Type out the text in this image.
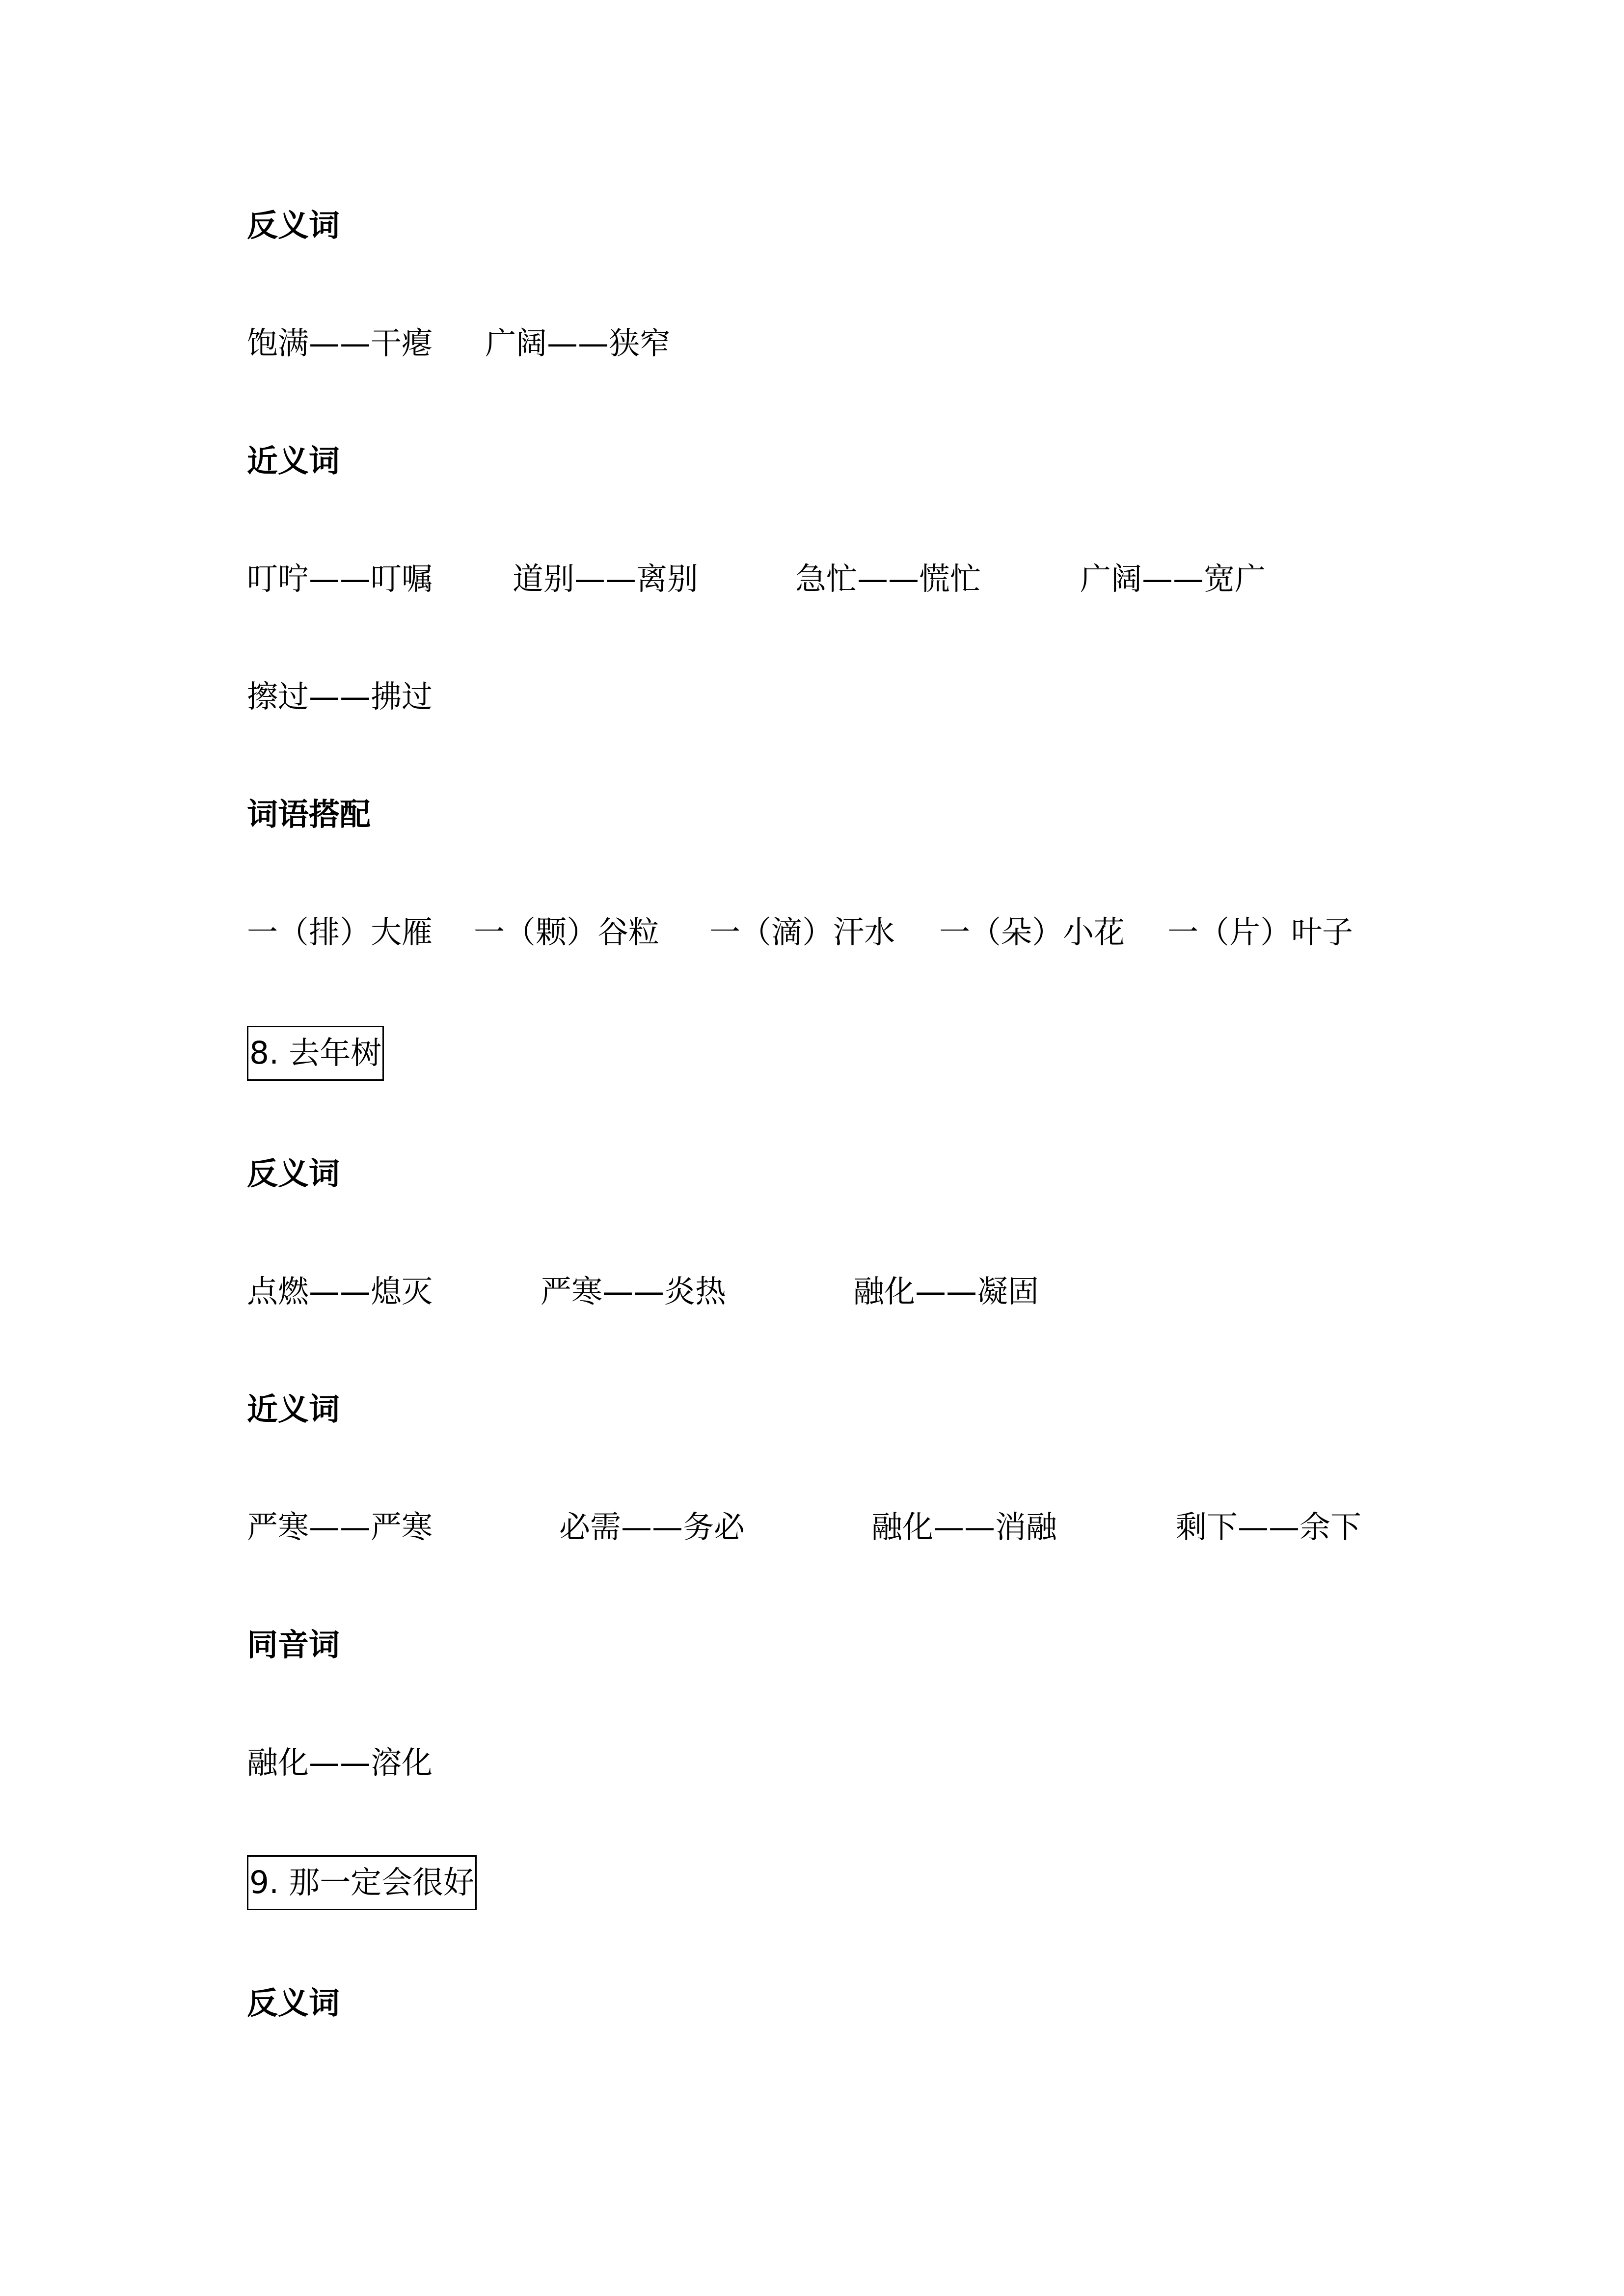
反义词
饱满——干瘪 广阔——狭窄
近义词
叮咛——叮嘱	道别——离别	急忙——慌忙	广阔——宽广
擦过——拂过
词语搭配
一（排）大雁 一（颗）谷粒 一（滴）汗水 一（朵）小花 一（片）叶子
8. 去年树
反义词
点燃——熄灭	严寒——炎热	融化——凝固
近义词
严寒——严寒	必需——务必	融化——消融	剩下——余下
同音词
融化——溶化
9. 那一定会很好
反义词
